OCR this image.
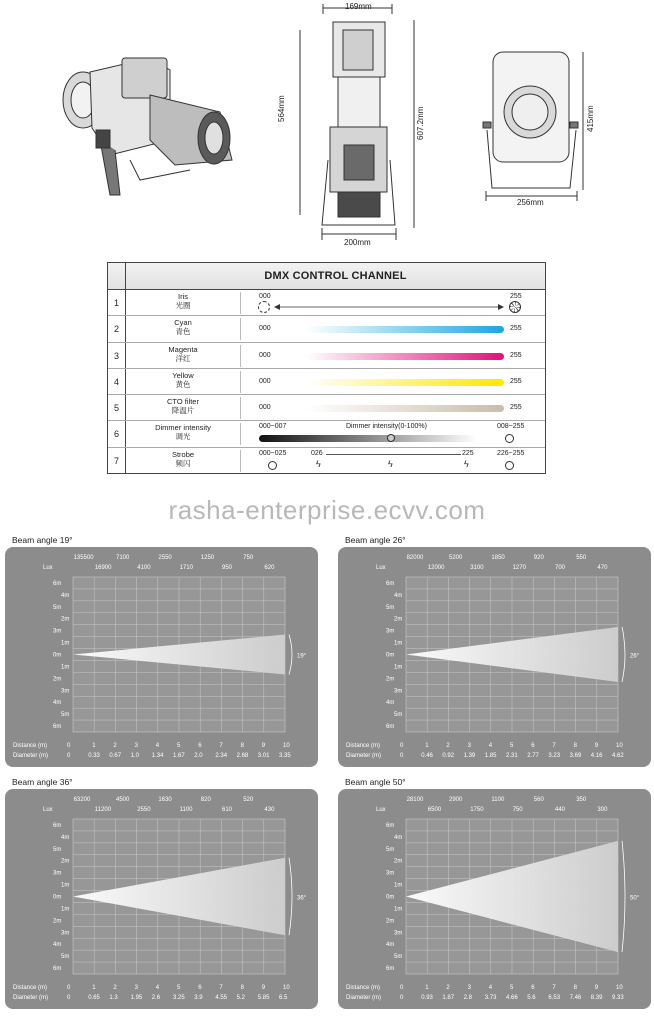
169mm
564mm	607.2mm
200mm
415mm
256mm
DMX CONTROL CHANNEL
1
Iris
光圈
000	255
2
Cyan
青色	000	255
3
Magenta
洋红	000	255
4
Yellow
黄色	000	255
5
CTO filter
降温片	000	255
6
Dimmer intensity
调光
000~007	Dimmer intensity(0-100%)	008~255
7
Strobe
频闪
000~025	026	225
ϟ	ϟ	ϟ
226~255
rasha-enterprise.ecvv.com
Beam angle 19°
19°
Lux
135500	7100	2550	1250	750
16900	4100	1710	950	620
6m
4m
5m
2m
3m
1m
0m
1m
2m
3m
4m
5m
6m
Distance (m)
Diameter (m)
0	1	2	3	4	5	6	7	8	9	10
0	0.33 0.67 1.0 1.34 1.67 2.0 2.34 2.68 3.01 3.35
Beam angle 26°
26°
Lux
82000	5200	1850	920	550
12000	3100	1270	700	470
6m
4m
5m
2m
3m
1m
0m
1m
2m
3m
4m
5m
6m
Distance (m)
Diameter (m)
0	1	2	3	4	5	6	7	8	9	10
0	0.46 0.92 1.39 1.85 2.31 2.77 3.23 3.69 4.16 4.62
Beam angle 36°
36°
Lux
63200	4500	1630	820	520
11200	2550	1100	610	430
6m
4m
5m
2m
3m
1m
0m
1m
2m
3m
4m
5m
6m
Distance (m)
Diameter (m)
0	1	2	3	4	5	6	7	8	9	10
0	0.65 1.3 1.95 2.6 3.25 3.9 4.55 5.2 5.85 6.5
Beam angle 50°
50°
Lux
28100	2900	1100	560	350
6500	1750	750	440	300
6m
4m
5m
2m
3m
1m
0m
1m
2m
3m
4m
5m
6m
Distance (m)
Diameter (m)
0	1	2	3	4	5	6	7	8	9	10
0	0.93 1.87 2.8 3.73 4.66 5.6 6.53 7.46 8.39 9.33
